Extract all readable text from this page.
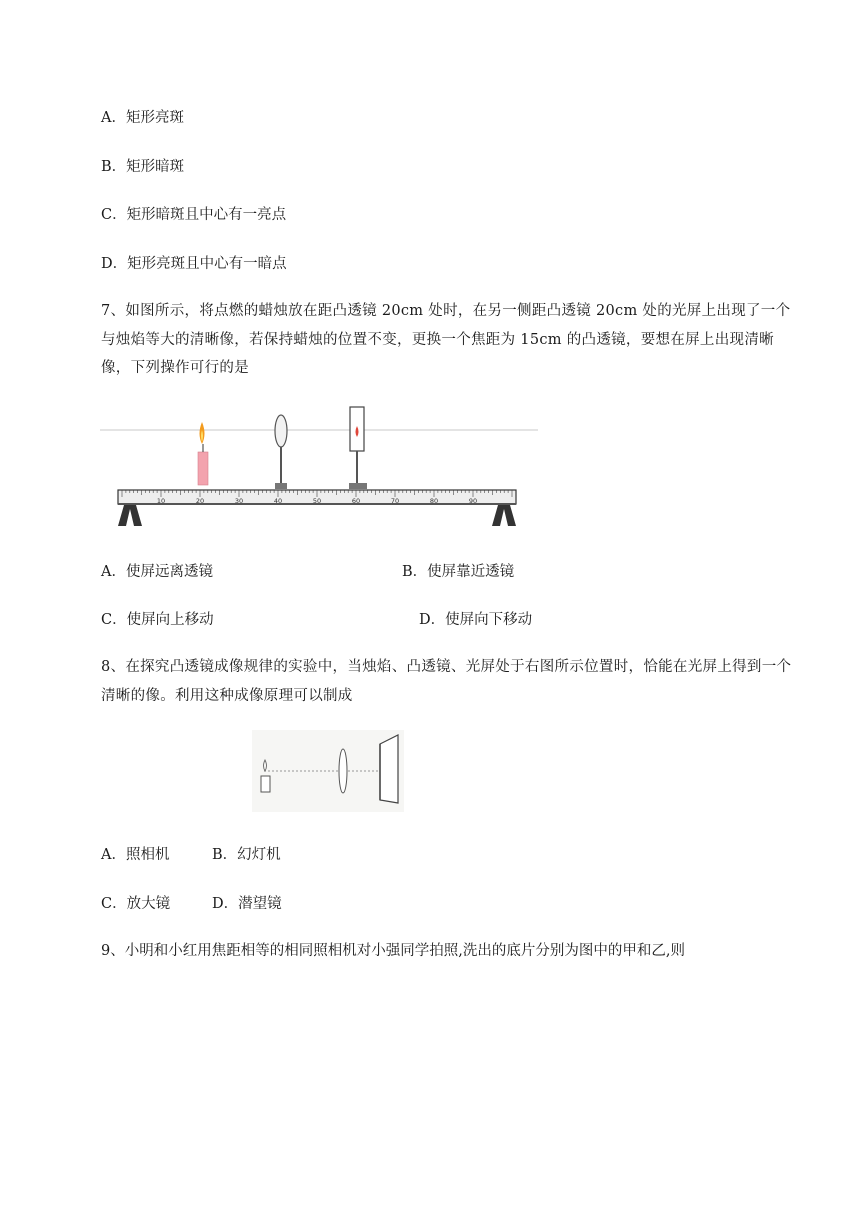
A．矩形亮斑
B．矩形暗斑
C．矩形暗斑且中心有一亮点
D．矩形亮斑且中心有一暗点
7、如图所示，将点燃的蜡烛放在距凸透镜 20cm 处时，在另一侧距凸透镜 20cm 处的光屏上出现了一个与烛焰等大的清晰像，若保持蜡烛的位置不变，更换一个焦距为 15cm 的凸透镜，要想在屏上出现清晰像，下列操作可行的是
10	20	30	40	50	60	70	80	90
A．使屏远离透镜	B．使屏靠近透镜
C．使屏向上移动	D．使屏向下移动
8、在探究凸透镜成像规律的实验中，当烛焰、凸透镜、光屏处于右图所示位置时，恰能在光屏上得到一个清晰的像。利用这种成像原理可以制成
A．照相机	B．幻灯机
C．放大镜	D．潜望镜
9、小明和小红用焦距相等的相同照相机对小强同学拍照,洗出的底片分别为图中的甲和乙,则
